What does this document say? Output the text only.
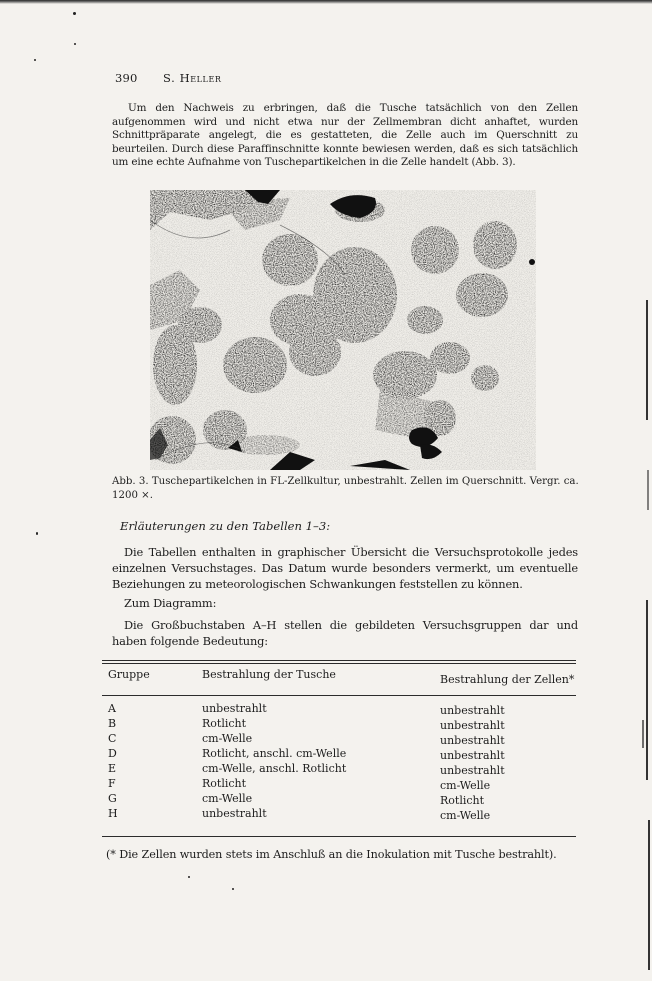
390 S. Heller
Um den Nachweis zu erbringen, daß die Tusche tatsächlich von den Zellen aufgenommen wird und nicht etwa nur der Zellmembran dicht anhaftet, wurden Schnittpräparate angelegt, die es gestatteten, die Zelle auch im Querschnitt zu beurteilen. Durch diese Paraffinschnitte konnte bewiesen werden, daß es sich tatsächlich um eine echte Aufnahme von Tuschepartikelchen in die Zelle handelt (Abb. 3).
Abb. 3. Tuschepartikelchen in FL-Zellkultur, unbestrahlt. Zellen im Querschnitt. Vergr. ca. 1200 ×.
Erläuterungen zu den Tabellen 1–3:
Die Tabellen enthalten in graphischer Übersicht die Versuchsprotokolle jedes einzelnen Versuchstages. Das Datum wurde besonders vermerkt, um eventuelle Beziehungen zu meteorologischen Schwankungen feststellen zu können.
Zum Diagramm:
Die Großbuchstaben A–H stellen die gebildeten Versuchsgruppen dar und haben folgende Bedeutung:
Gruppe	Bestrahlung der Tusche	Bestrahlung der Zellen*
A	unbestrahlt	unbestrahlt
B	Rotlicht	unbestrahlt
C	cm-Welle	unbestrahlt
D	Rotlicht, anschl. cm-Welle	unbestrahlt
E	cm-Welle, anschl. Rotlicht	unbestrahlt
F	Rotlicht	cm-Welle
G	cm-Welle	Rotlicht
H	unbestrahlt	cm-Welle
(* Die Zellen wurden stets im Anschluß an die Inokulation mit Tusche bestrahlt).
